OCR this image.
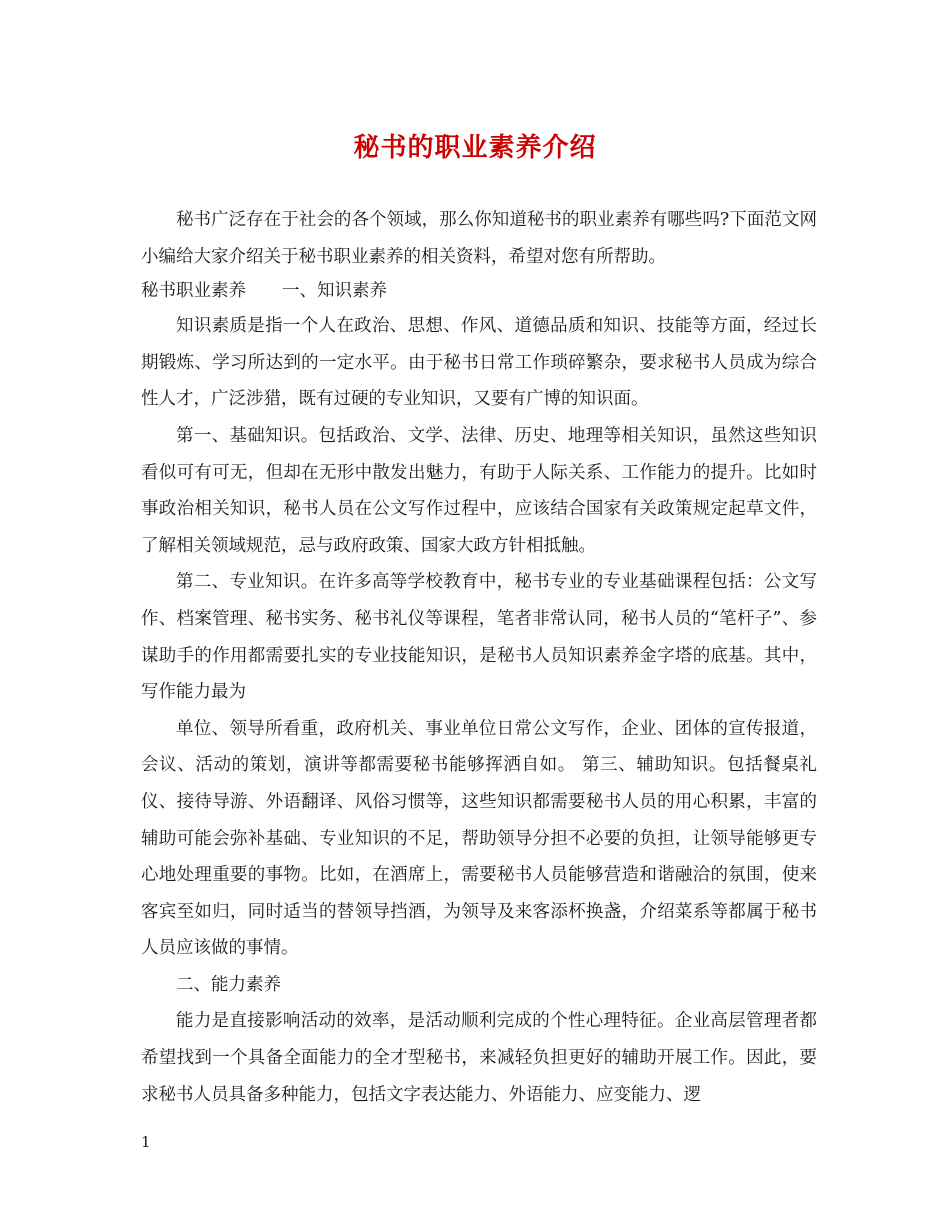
秘书的职业素养介绍

秘书广泛存在于社会的各个领域，那么你知道秘书的职业素养有哪些吗?下面范文网小编给大家介绍关于秘书职业素养的相关资料，希望对您有所帮助。

秘书职业素养 一、知识素养

知识素质是指一个人在政治、思想、作风、道德品质和知识、技能等方面，经过长期锻炼、学习所达到的一定水平。由于秘书日常工作琐碎繁杂，要求秘书人员成为综合性人才，广泛涉猎，既有过硬的专业知识，又要有广博的知识面。

第一、基础知识。包括政治、文学、法律、历史、地理等相关知识，虽然这些知识看似可有可无，但却在无形中散发出魅力，有助于人际关系、工作能力的提升。比如时事政治相关知识，秘书人员在公文写作过程中，应该结合国家有关政策规定起草文件，了解相关领域规范，忌与政府政策、国家大政方针相抵触。

第二、专业知识。在许多高等学校教育中，秘书专业的专业基础课程包括：公文写作、档案管理、秘书实务、秘书礼仪等课程，笔者非常认同，秘书人员的“笔杆子”、参谋助手的作用都需要扎实的专业技能知识，是秘书人员知识素养金字塔的底基。其中，写作能力最为

单位、领导所看重，政府机关、事业单位日常公文写作，企业、团体的宣传报道，会议、活动的策划，演讲等都需要秘书能够挥洒自如。 第三、辅助知识。包括餐桌礼仪、接待导游、外语翻译、风俗习惯等，这些知识都需要秘书人员的用心积累，丰富的辅助可能会弥补基础、专业知识的不足，帮助领导分担不必要的负担，让领导能够更专心地处理重要的事物。比如，在酒席上，需要秘书人员能够营造和谐融洽的氛围，使来客宾至如归，同时适当的替领导挡酒，为领导及来客添杯换盏，介绍菜系等都属于秘书人员应该做的事情。

二、能力素养

能力是直接影响活动的效率，是活动顺利完成的个性心理特征。企业高层管理者都希望找到一个具备全面能力的全才型秘书，来减轻负担更好的辅助开展工作。因此，要求秘书人员具备多种能力，包括文字表达能力、外语能力、应变能力、逻

1
